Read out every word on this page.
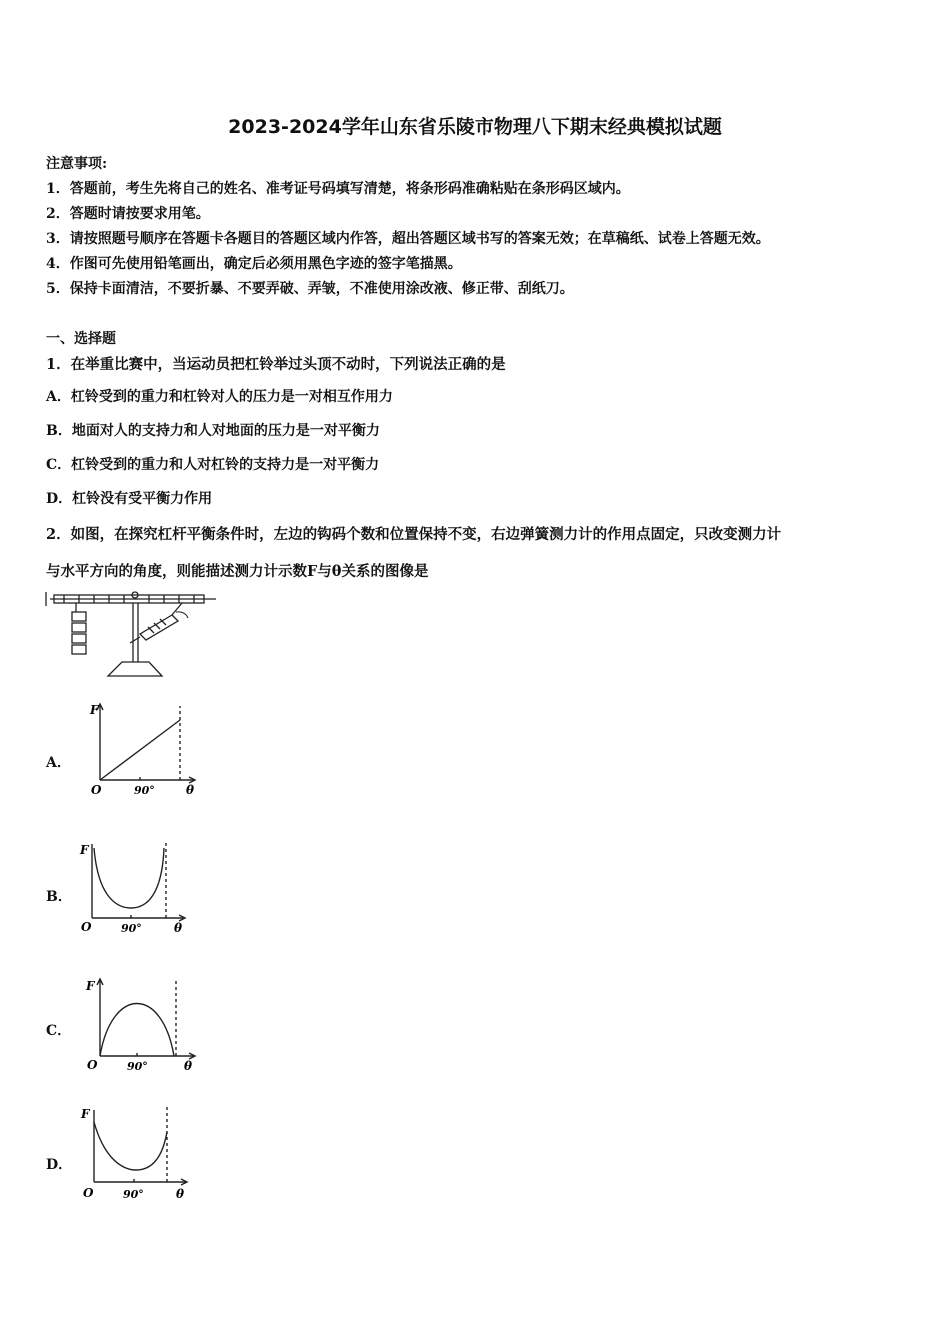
2023-2024学年山东省乐陵市物理八下期末经典模拟试题
注意事项:
1．答题前，考生先将自己的姓名、准考证号码填写清楚，将条形码准确粘贴在条形码区域内。
2．答题时请按要求用笔。
3．请按照题号顺序在答题卡各题目的答题区域内作答，超出答题区域书写的答案无效；在草稿纸、试卷上答题无效。
4．作图可先使用铅笔画出，确定后必须用黑色字迹的签字笔描黑。
5．保持卡面清洁，不要折暴、不要弄破、弄皱，不准使用涂改液、修正带、刮纸刀。
一、选择题
1．在举重比赛中，当运动员把杠铃举过头顶不动时，下列说法正确的是
A．杠铃受到的重力和杠铃对人的压力是一对相互作用力
B．地面对人的支持力和人对地面的压力是一对平衡力
C．杠铃受到的重力和人对杠铃的支持力是一对平衡力
D．杠铃没有受平衡力作用
2．如图，在探究杠杆平衡条件时，左边的钩码个数和位置保持不变，右边弹簧测力计的作用点固定，只改变测力计
与水平方向的角度，则能描述测力计示数F与θ关系的图像是
A．
F
O	90°	θ
B．
F
O	90°	θ
C．
F
O	90°	θ
D．
F
O	90°	θ
